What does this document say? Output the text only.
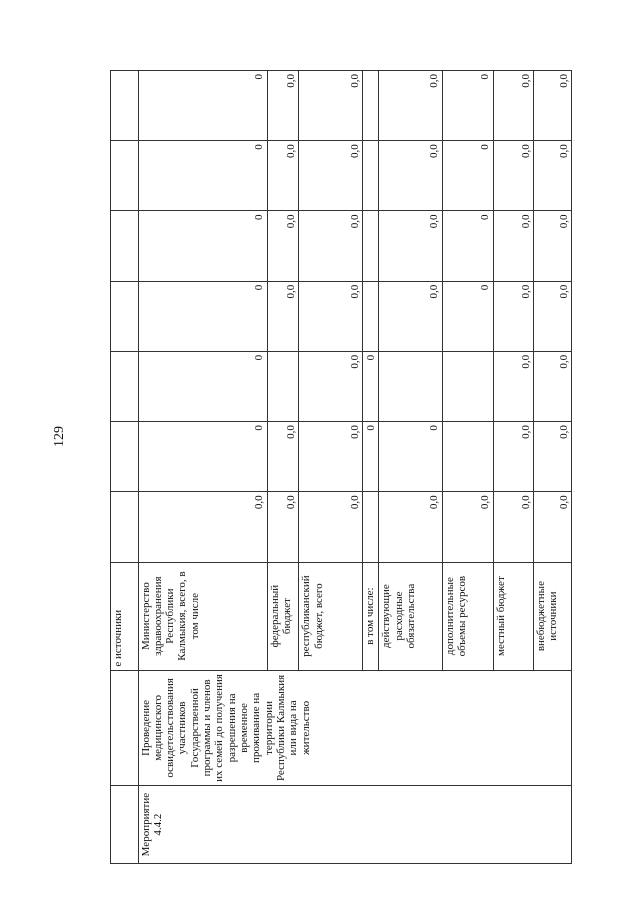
129
		е источники							
Мероприятие 4.4.2	Проведение медицинского освидетельствования участников Государственной программы и членов их семей до получения разрешения на временное проживание на территории Республики Калмыкия или вида на жительство	Министерство здравоохранения Республики Калмыкия, всего, в том числе	0,0	0	0	0	0	0	0
		федеральный бюджет	0,0	0,0		0,0	0,0	0,0	0,0
		республиканский бюджет, всего	0,0	0,0	0,0	0,0	0,0	0,0	0,0
		в том числе:		0	0				
		действующие расходные обязательства	0,0	0		0,0	0,0	0,0	0,0
		дополнительные объемы ресурсов	0,0			0	0	0	0
		местный бюджет	0,0	0,0	0,0	0,0	0,0	0,0	0,0
		внебюджетные источники	0,0	0,0	0,0	0,0	0,0	0,0	0,0
